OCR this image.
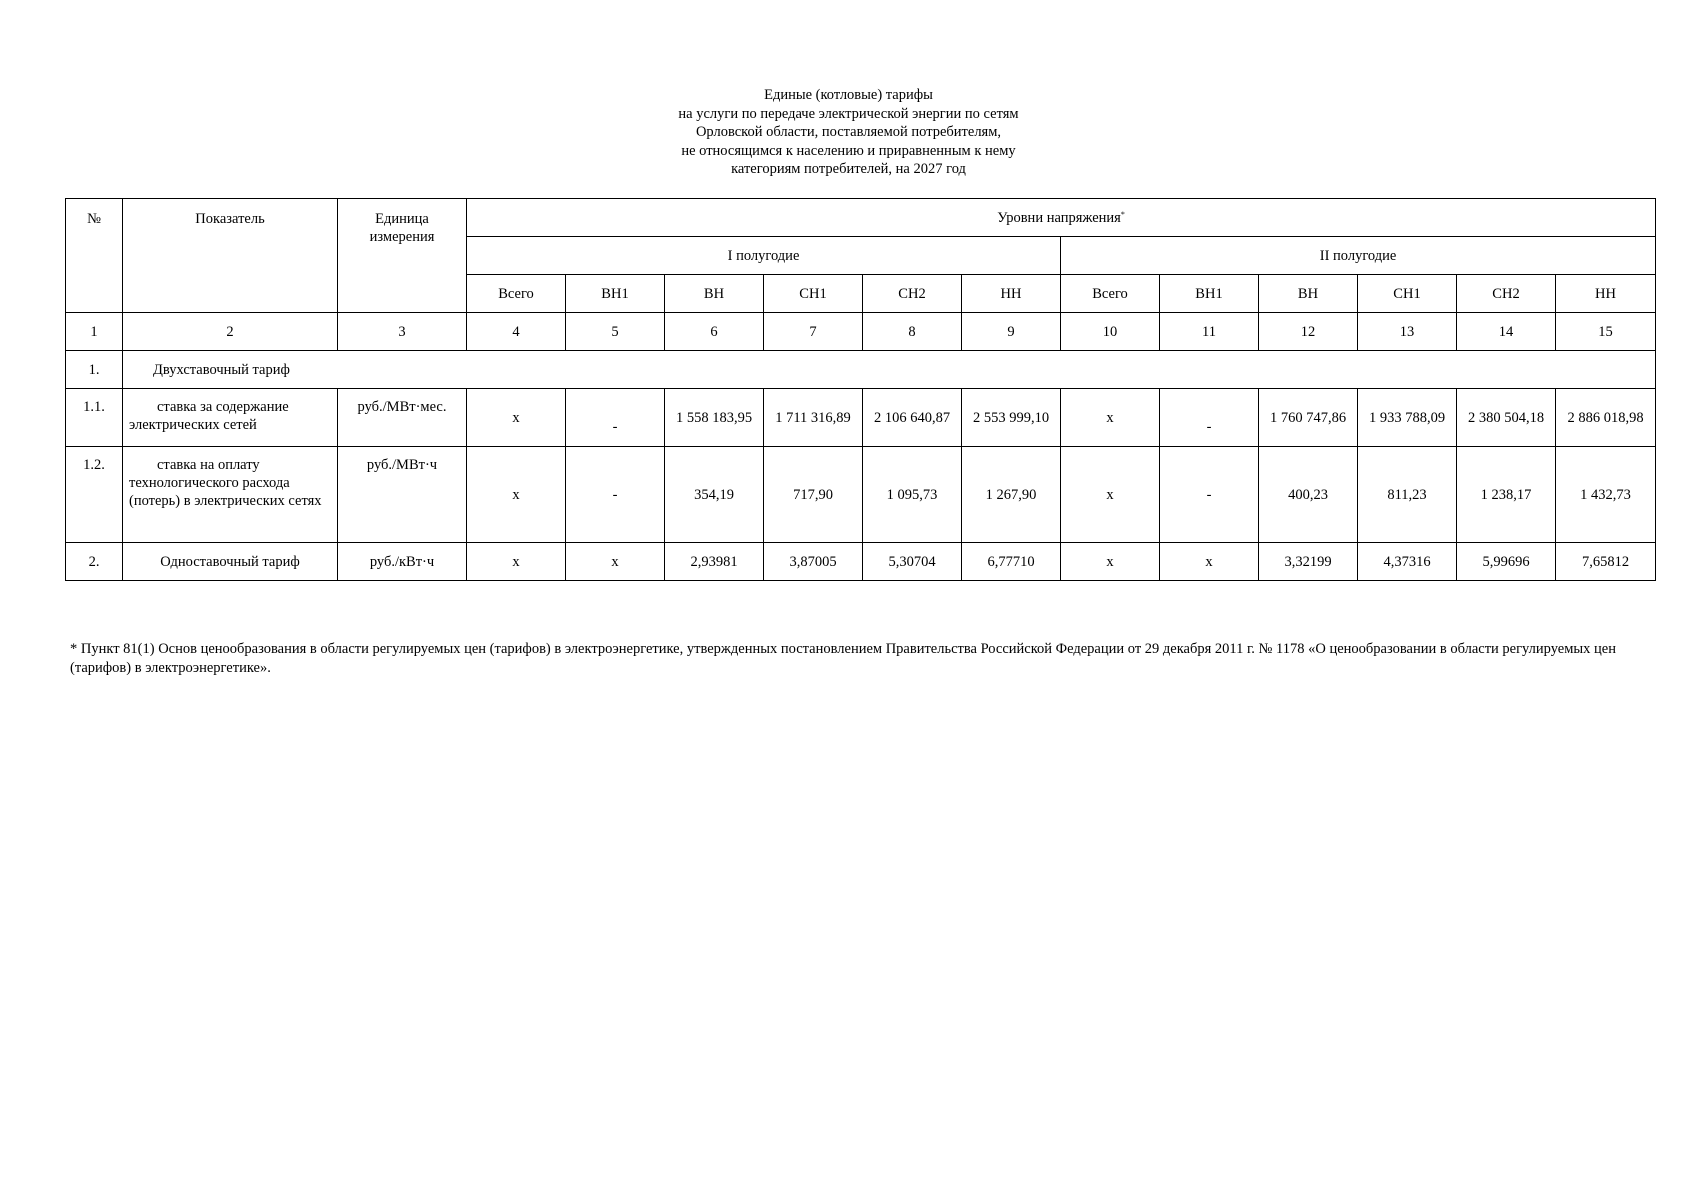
Единые (котловые) тарифы
на услуги по передаче электрической энергии по сетям
Орловской области, поставляемой потребителям,
не относящимся к населению и приравненным к нему
категориям потребителей, на 2027 год
№	Показатель	Единица измерения	Уровни напряжения*
			I полугодие						II полугодие					
			Всего	ВН1	ВН	СН1	СН2	НН	Всего	ВН1	ВН	СН1	СН2	НН
1	2	3	4	5	6	7	8	9	10	11	12	13	14	15
1.	Двухставочный тариф													
1.1.	ставка за содержание электрических сетей	руб./МВт·мес.	x	-	1 558 183,95	1 711 316,89	2 106 640,87	2 553 999,10	x	-	1 760 747,86	1 933 788,09	2 380 504,18	2 886 018,98
1.2.	ставка на оплату технологического расхода (потерь) в электрических сетях	руб./МВт·ч	x	-	354,19	717,90	1 095,73	1 267,90	x	-	400,23	811,23	1 238,17	1 432,73
2.	Одноставочный тариф	руб./кВт·ч	x	x	2,93981	3,87005	5,30704	6,77710	x	x	3,32199	4,37316	5,99696	7,65812
* Пункт 81(1) Основ ценообразования в области регулируемых цен (тарифов) в электроэнергетике, утвержденных постановлением Правительства Российской Федерации от 29 декабря 2011 г. № 1178 «О ценообразовании в области регулируемых цен (тарифов) в электроэнергетике».
